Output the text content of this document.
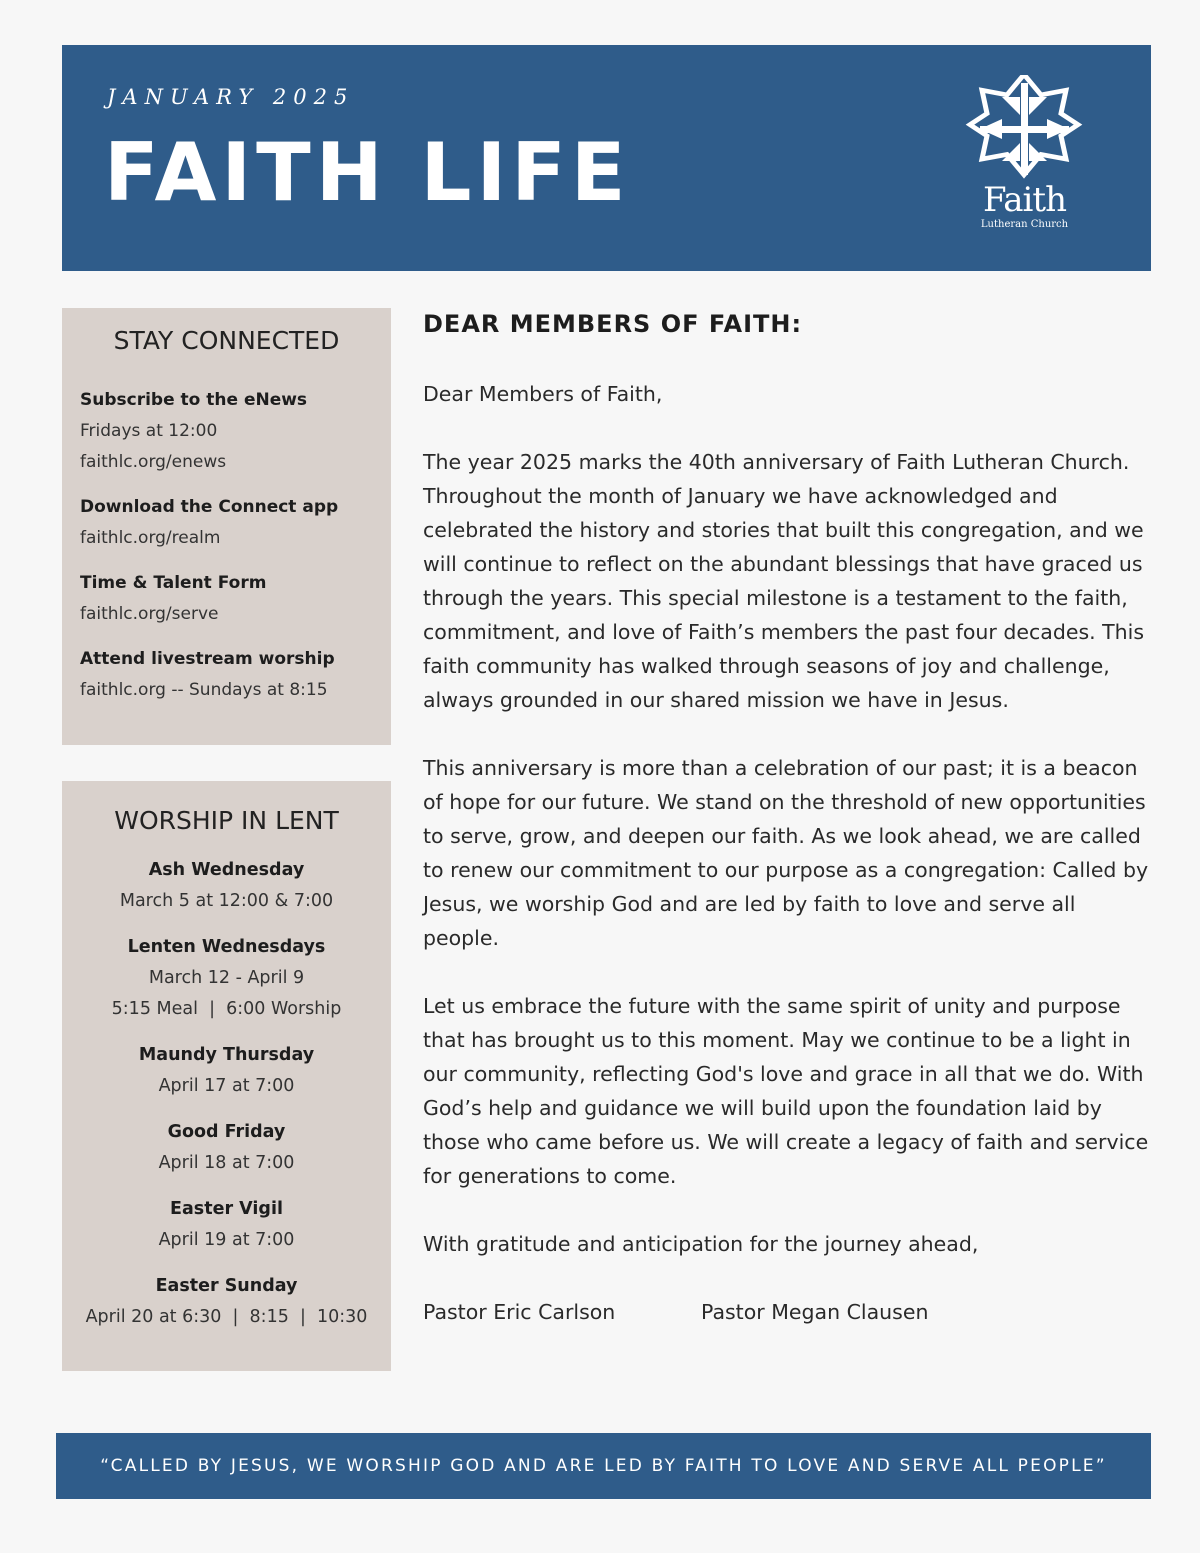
JANUARY 2025
FAITH LIFE	Faith
Lutheran Church
STAY CONNECTED
Subscribe to the eNews
Fridays at 12:00
faithlc.org/enews
Download the Connect app
faithlc.org/realm
Time & Talent Form
faithlc.org/serve
Attend livestream worship
faithlc.org -- Sundays at 8:15
WORSHIP IN LENT
Ash Wednesday
March 5 at 12:00 & 7:00
Lenten Wednesdays
March 12 - April 9
5:15 Meal  |  6:00 Worship
Maundy Thursday
April 17 at 7:00
Good Friday
April 18 at 7:00
Easter Vigil
April 19 at 7:00
Easter Sunday
April 20 at 6:30  |  8:15  |  10:30
DEAR MEMBERS OF FAITH:

Dear Members of Faith,

The year 2025 marks the 40th anniversary of Faith Lutheran Church. Throughout the month of January we have acknowledged and celebrated the history and stories that built this congregation, and we will continue to reflect on the abundant blessings that have graced us through the years. This special milestone is a testament to the faith, commitment, and love of Faith’s members the past four decades. This faith community has walked through seasons of joy and challenge, always grounded in our shared mission we have in Jesus.

This anniversary is more than a celebration of our past; it is a beacon of hope for our future. We stand on the threshold of new opportunities to serve, grow, and deepen our faith. As we look ahead, we are called to renew our commitment to our purpose as a congregation: Called by Jesus, we worship God and are led by faith to love and serve all people.

Let us embrace the future with the same spirit of unity and purpose that has brought us to this moment. May we continue to be a light in our community, reflecting God's love and grace in all that we do. With God’s help and guidance we will build upon the foundation laid by those who came before us. We will create a legacy of faith and service for generations to come.

With gratitude and anticipation for the journey ahead,

Pastor Eric Carlson	Pastor Megan Clausen
“CALLED BY JESUS, WE WORSHIP GOD AND ARE LED BY FAITH TO LOVE AND SERVE ALL PEOPLE”
